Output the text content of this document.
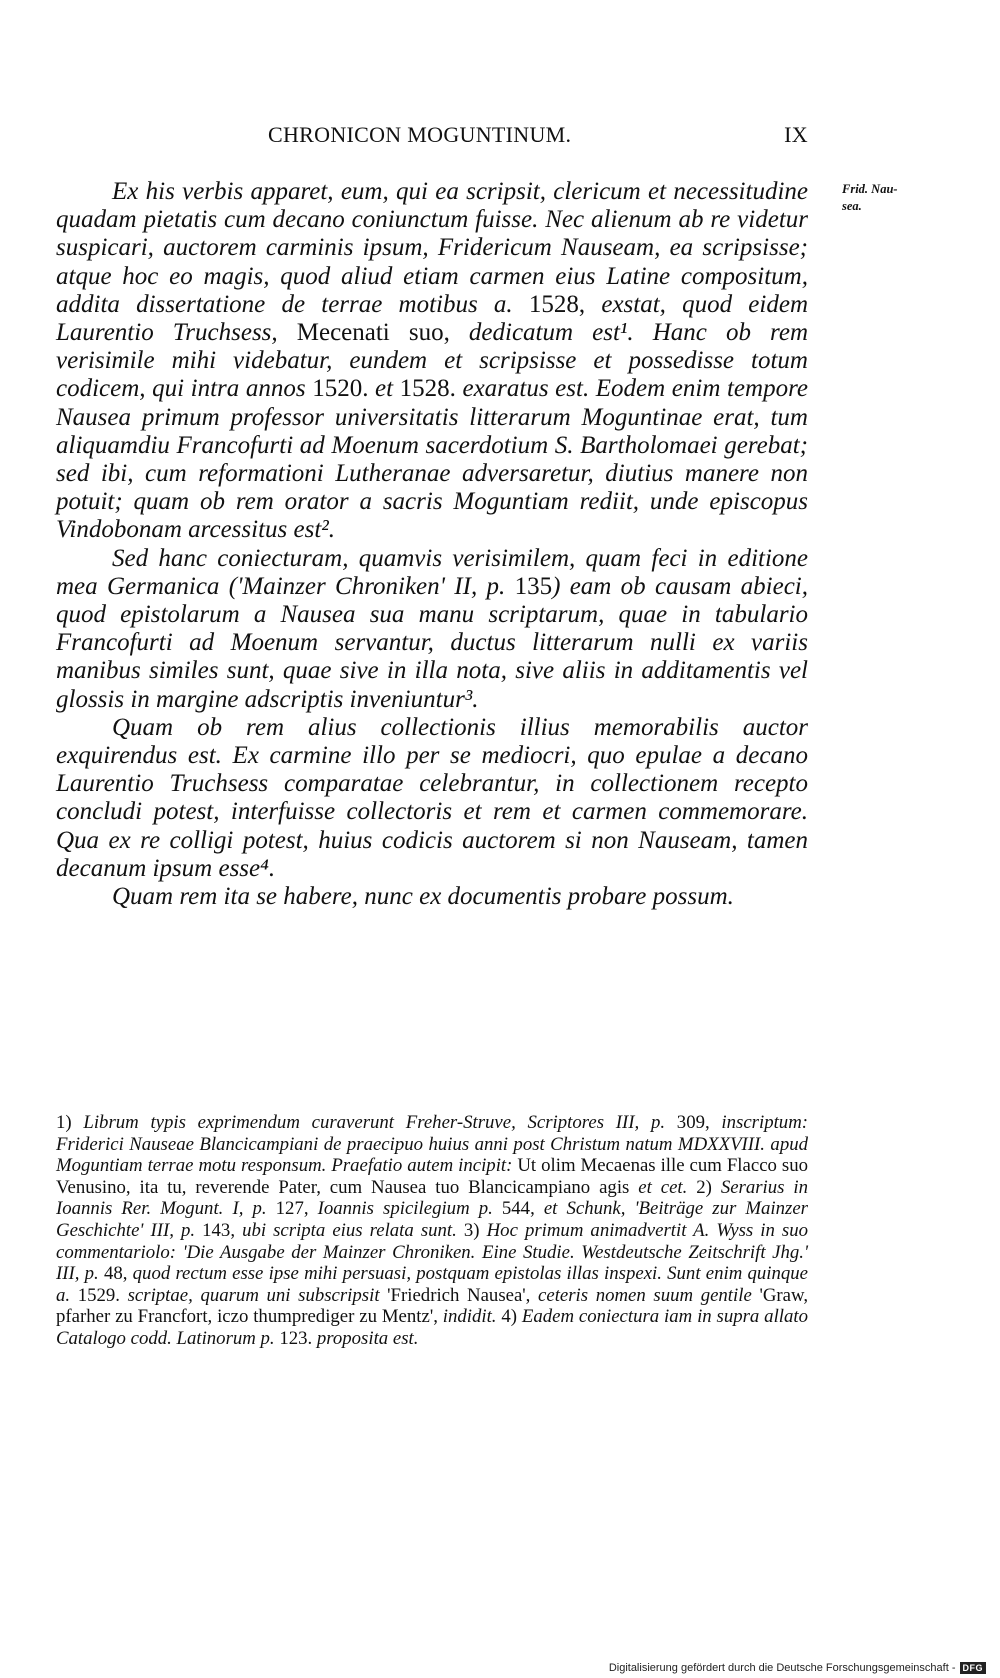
CHRONICON MOGUNTINUM.	IX
Frid. Nau-sea.

Ex his verbis apparet, eum, qui ea scripsit, clericum et necessitudine quadam pietatis cum decano coniunctum fuisse. Nec alienum ab re videtur suspicari, auctorem carminis ipsum, Fridericum Nauseam, ea scripsisse; atque hoc eo magis, quod aliud etiam carmen eius Latine compositum, addita dissertatione de terrae motibus a. 1528, exstat, quod eidem Laurentio Truchsess, Mecenati suo, dedicatum est¹. Hanc ob rem verisimile mihi videbatur, eundem et scripsisse et possedisse totum codicem, qui intra annos 1520. et 1528. exaratus est. Eodem enim tempore Nausea primum professor universitatis litterarum Moguntinae erat, tum aliquamdiu Francofurti ad Moenum sacerdotium S. Bartholomaei gerebat; sed ibi, cum reformationi Lutheranae adversaretur, diutius manere non potuit; quam ob rem orator a sacris Moguntiam rediit, unde episcopus Vindobonam arcessitus est².

Sed hanc coniecturam, quamvis verisimilem, quam feci in editione mea Germanica ('Mainzer Chroniken' II, p. 135) eam ob causam abieci, quod epistolarum a Nausea sua manu scriptarum, quae in tabulario Francofurti ad Moenum servantur, ductus litterarum nulli ex variis manibus similes sunt, quae sive in illa nota, sive aliis in additamentis vel glossis in margine adscriptis inveniuntur³.

Quam ob rem alius collectionis illius memorabilis auctor exquirendus est. Ex carmine illo per se mediocri, quo epulae a decano Laurentio Truchsess comparatae celebrantur, in collectionem recepto concludi potest, interfuisse collectoris et rem et carmen commemorare. Qua ex re colligi potest, huius codicis auctorem si non Nauseam, tamen decanum ipsum esse⁴.

Quam rem ita se habere, nunc ex documentis probare possum.

1) Librum typis exprimendum curaverunt Freher-Struve, Scriptores III, p. 309, inscriptum: Friderici Nauseae Blancicampiani de praecipuo huius anni post Christum natum MDXXVIII. apud Moguntiam terrae motu responsum. Praefatio autem incipit: Ut olim Mecaenas ille cum Flacco suo Venusino, ita tu, reverende Pater, cum Nausea tuo Blancicampiano agis et cet. 2) Serarius in Ioannis Rer. Mogunt. I, p. 127, Ioannis spicilegium p. 544, et Schunk, 'Beiträge zur Mainzer Geschichte' III, p. 143, ubi scripta eius relata sunt. 3) Hoc primum animadvertit A. Wyss in suo commentariolo: 'Die Ausgabe der Mainzer Chroniken. Eine Studie. Westdeutsche Zeitschrift Jhg.' III, p. 48, quod rectum esse ipse mihi persuasi, postquam epistolas illas inspexi. Sunt enim quinque a. 1529. scriptae, quarum uni subscripsit 'Friedrich Nausea', ceteris nomen suum gentile 'Graw, pfarher zu Francfort, iczo thumprediger zu Mentz', indidit. 4) Eadem coniectura iam in supra allato Catalogo codd. Latinorum p. 123. proposita est.

Digitalisierung gefördert durch die Deutsche Forschungsgemeinschaft - DFG
